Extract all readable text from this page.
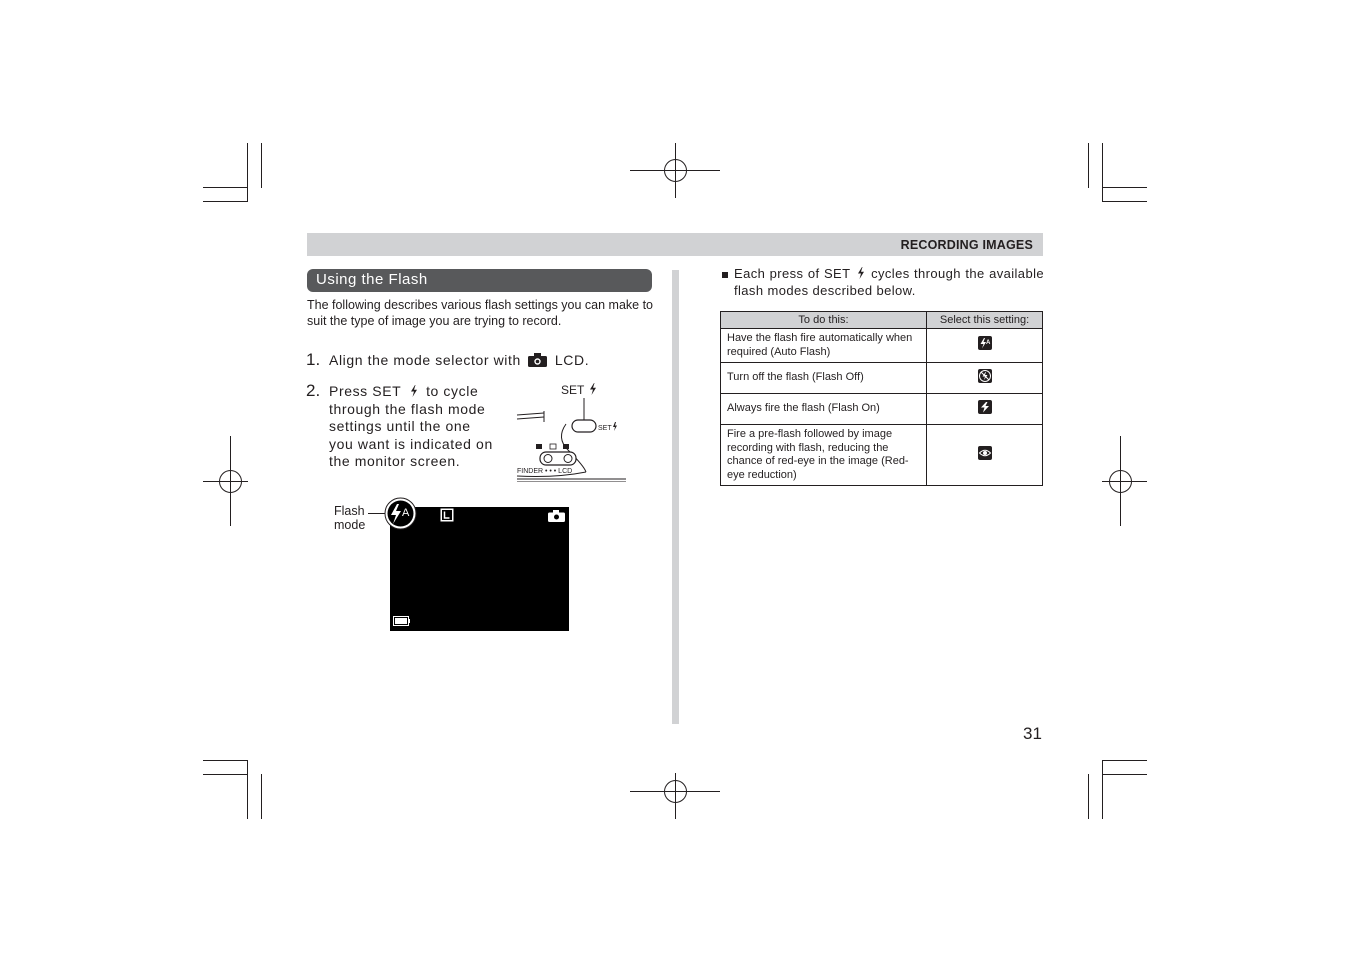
RECORDING IMAGES
Using the Flash
The following describes various flash settings you can make to suit the type of image you are trying to record.
1. Align the mode selector with LCD.
2. Press SET to cycle through the flash mode settings until the one you want is indicated on the monitor screen.
SET
SET
FINDER • • • LCD
Flash
mode
A
Each press of SET cycles through the available flash modes described below.
To do this:	Select this setting:
Have the flash fire automatically when required (Auto Flash)	A

Turn off the flash (Flash Off)	
Always fire the flash (Flash On)	
Fire a pre-flash followed by image recording with flash, reducing the chance of red-eye in the image (Red-eye reduction)	
31
